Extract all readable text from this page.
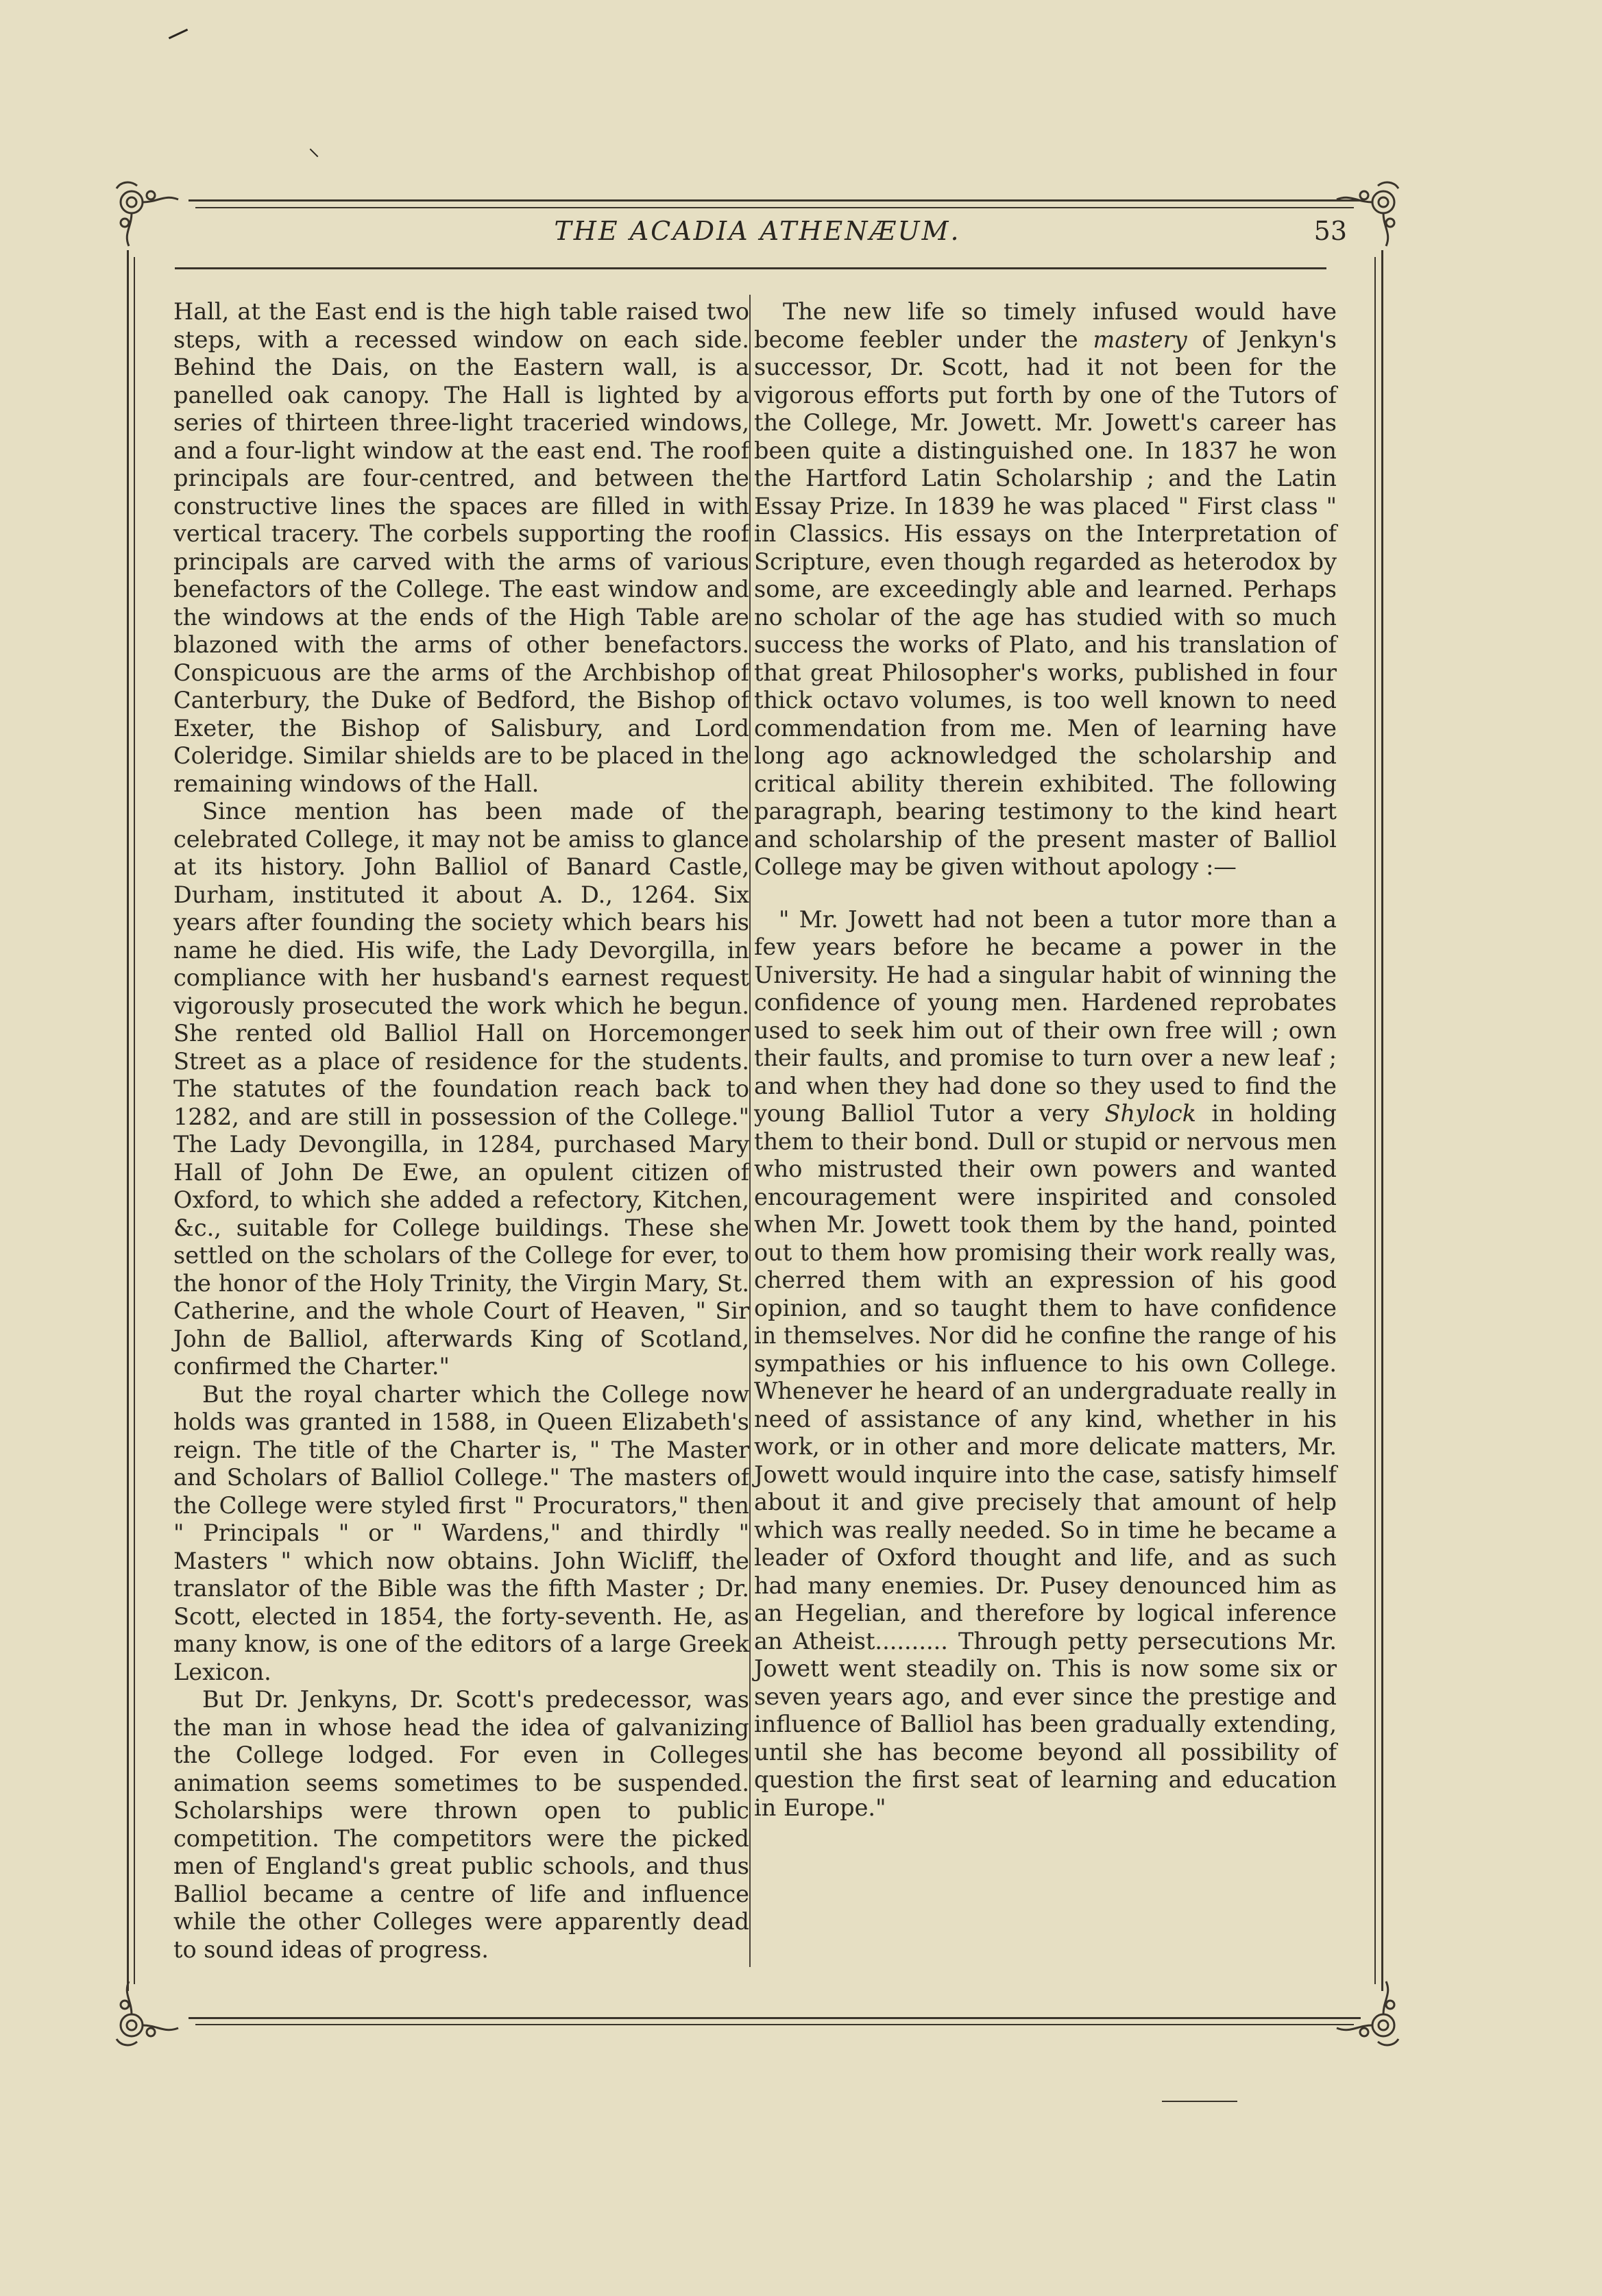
THE ACADIA ATHENÆUM.	53

Hall, at the East end is the high table raised two steps, with a recessed window on each side. Behind the Dais, on the Eastern wall, is a panelled oak canopy. The Hall is lighted by a series of thirteen three-light traceried windows, and a four-light window at the east end. The roof principals are four-centred, and between the constructive lines the spaces are filled in with vertical tracery. The corbels supporting the roof principals are carved with the arms of various benefactors of the College. The east window and the windows at the ends of the High Table are blazoned with the arms of other benefactors. Conspicuous are the arms of the Archbishop of Canterbury, the Duke of Bedford, the Bishop of Exeter, the Bishop of Salisbury, and Lord Coleridge. Similar shields are to be placed in the remaining windows of the Hall.

Since mention has been made of the celebrated College, it may not be amiss to glance at its history. John Balliol of Banard Castle, Durham, instituted it about A. D., 1264. Six years after founding the society which bears his name he died. His wife, the Lady Devorgilla, in compliance with her husband's earnest request vigorously prosecuted the work which he begun. She rented old Balliol Hall on Horcemonger Street as a place of residence for the students. The statutes of the foundation reach back to 1282, and are still in possession of the College." The Lady Devongilla, in 1284, purchased Mary Hall of John De Ewe, an opulent citizen of Oxford, to which she added a refectory, Kitchen, &c., suitable for College buildings. These she settled on the scholars of the College for ever, to the honor of the Holy Trinity, the Virgin Mary, St. Catherine, and the whole Court of Heaven, " Sir John de Balliol, afterwards King of Scotland, confirmed the Charter."

But the royal charter which the College now holds was granted in 1588, in Queen Elizabeth's reign. The title of the Charter is, " The Master and Scholars of Balliol College." The masters of the College were styled first " Procurators," then " Principals " or " Wardens," and thirdly " Masters " which now obtains. John Wicliff, the translator of the Bible was the fifth Master ; Dr. Scott, elected in 1854, the forty-seventh. He, as many know, is one of the editors of a large Greek Lexicon.

But Dr. Jenkyns, Dr. Scott's predecessor, was the man in whose head the idea of galvanizing the College lodged. For even in Colleges animation seems sometimes to be suspended. Scholarships were thrown open to public competition. The competitors were the picked men of England's great public schools, and thus Balliol became a centre of life and influence while the other Colleges were apparently dead to sound ideas of progress.

The new life so timely infused would have become feebler under the mastery of Jenkyn's successor, Dr. Scott, had it not been for the vigorous efforts put forth by one of the Tutors of the College, Mr. Jowett. Mr. Jowett's career has been quite a distinguished one. In 1837 he won the Hartford Latin Scholarship ; and the Latin Essay Prize. In 1839 he was placed " First class " in Classics. His essays on the Interpretation of Scripture, even though regarded as heterodox by some, are exceedingly able and learned. Perhaps no scholar of the age has studied with so much success the works of Plato, and his translation of that great Philosopher's works, published in four thick octavo volumes, is too well known to need commendation from me. Men of learning have long ago acknowledged the scholarship and critical ability therein exhibited. The following paragraph, bearing testimony to the kind heart and scholarship of the present master of Balliol College may be given without apology :—

" Mr. Jowett had not been a tutor more than a few years before he became a power in the University. He had a singular habit of winning the confidence of young men. Hardened reprobates used to seek him out of their own free will ; own their faults, and promise to turn over a new leaf ; and when they had done so they used to find the young Balliol Tutor a very Shylock in holding them to their bond. Dull or stupid or nervous men who mistrusted their own powers and wanted encouragement were inspirited and consoled when Mr. Jowett took them by the hand, pointed out to them how promising their work really was, cherred them with an expression of his good opinion, and so taught them to have confidence in themselves. Nor did he confine the range of his sympathies or his influence to his own College. Whenever he heard of an undergraduate really in need of assistance of any kind, whether in his work, or in other and more delicate matters, Mr. Jowett would inquire into the case, satisfy himself about it and give precisely that amount of help which was really needed. So in time he became a leader of Oxford thought and life, and as such had many enemies. Dr. Pusey denounced him as an Hegelian, and therefore by logical inference an Atheist.......... Through petty persecutions Mr. Jowett went steadily on. This is now some six or seven years ago, and ever since the prestige and influence of Balliol has been gradually extending, until she has become beyond all possibility of question the first seat of learning and education in Europe."
